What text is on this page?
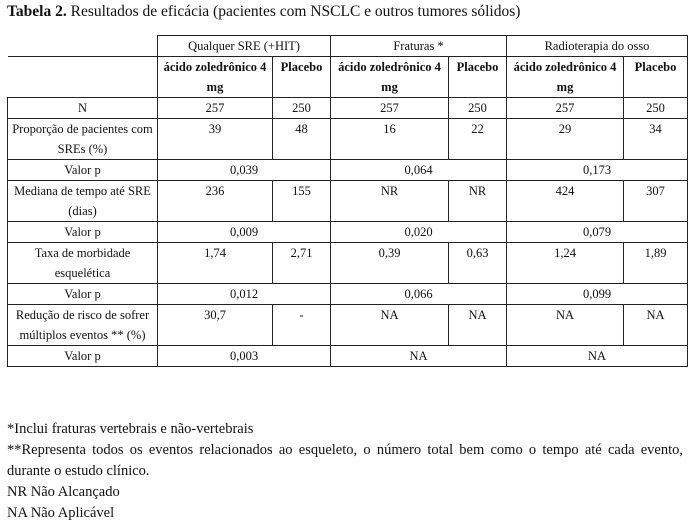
Tabela 2. Resultados de eficácia (pacientes com NSCLC e outros tumores sólidos)
	Qualquer SRE (+HIT)		Fraturas *		Radioterapia do osso	
	ácido zoledrônico 4 mg	Placebo	ácido zoledrônico 4 mg	Placebo	ácido zoledrônico 4 mg	Placebo
N	257	250	257	250	257	250
Proporção de pacientes com SREs (%)	39	48	16	22	29	34
Valor p	0,039		0,064		0,173	
Mediana de tempo até SRE (dias)	236	155	NR	NR	424	307
Valor p	0,009		0,020		0,079	
Taxa de morbidade esquelética	1,74	2,71	0,39	0,63	1,24	1,89
Valor p	0,012		0,066		0,099	
Redução de risco de sofrer múltiplos eventos ** (%)	30,7	-	NA	NA	NA	NA
Valor p	0,003		NA		NA	

*Inclui fraturas vertebrais e não-vertebrais

**Representa todos os eventos relacionados ao esqueleto, o número total bem como o tempo até cada evento, durante o estudo clínico.

NR Não Alcançado

NA Não Aplicável
